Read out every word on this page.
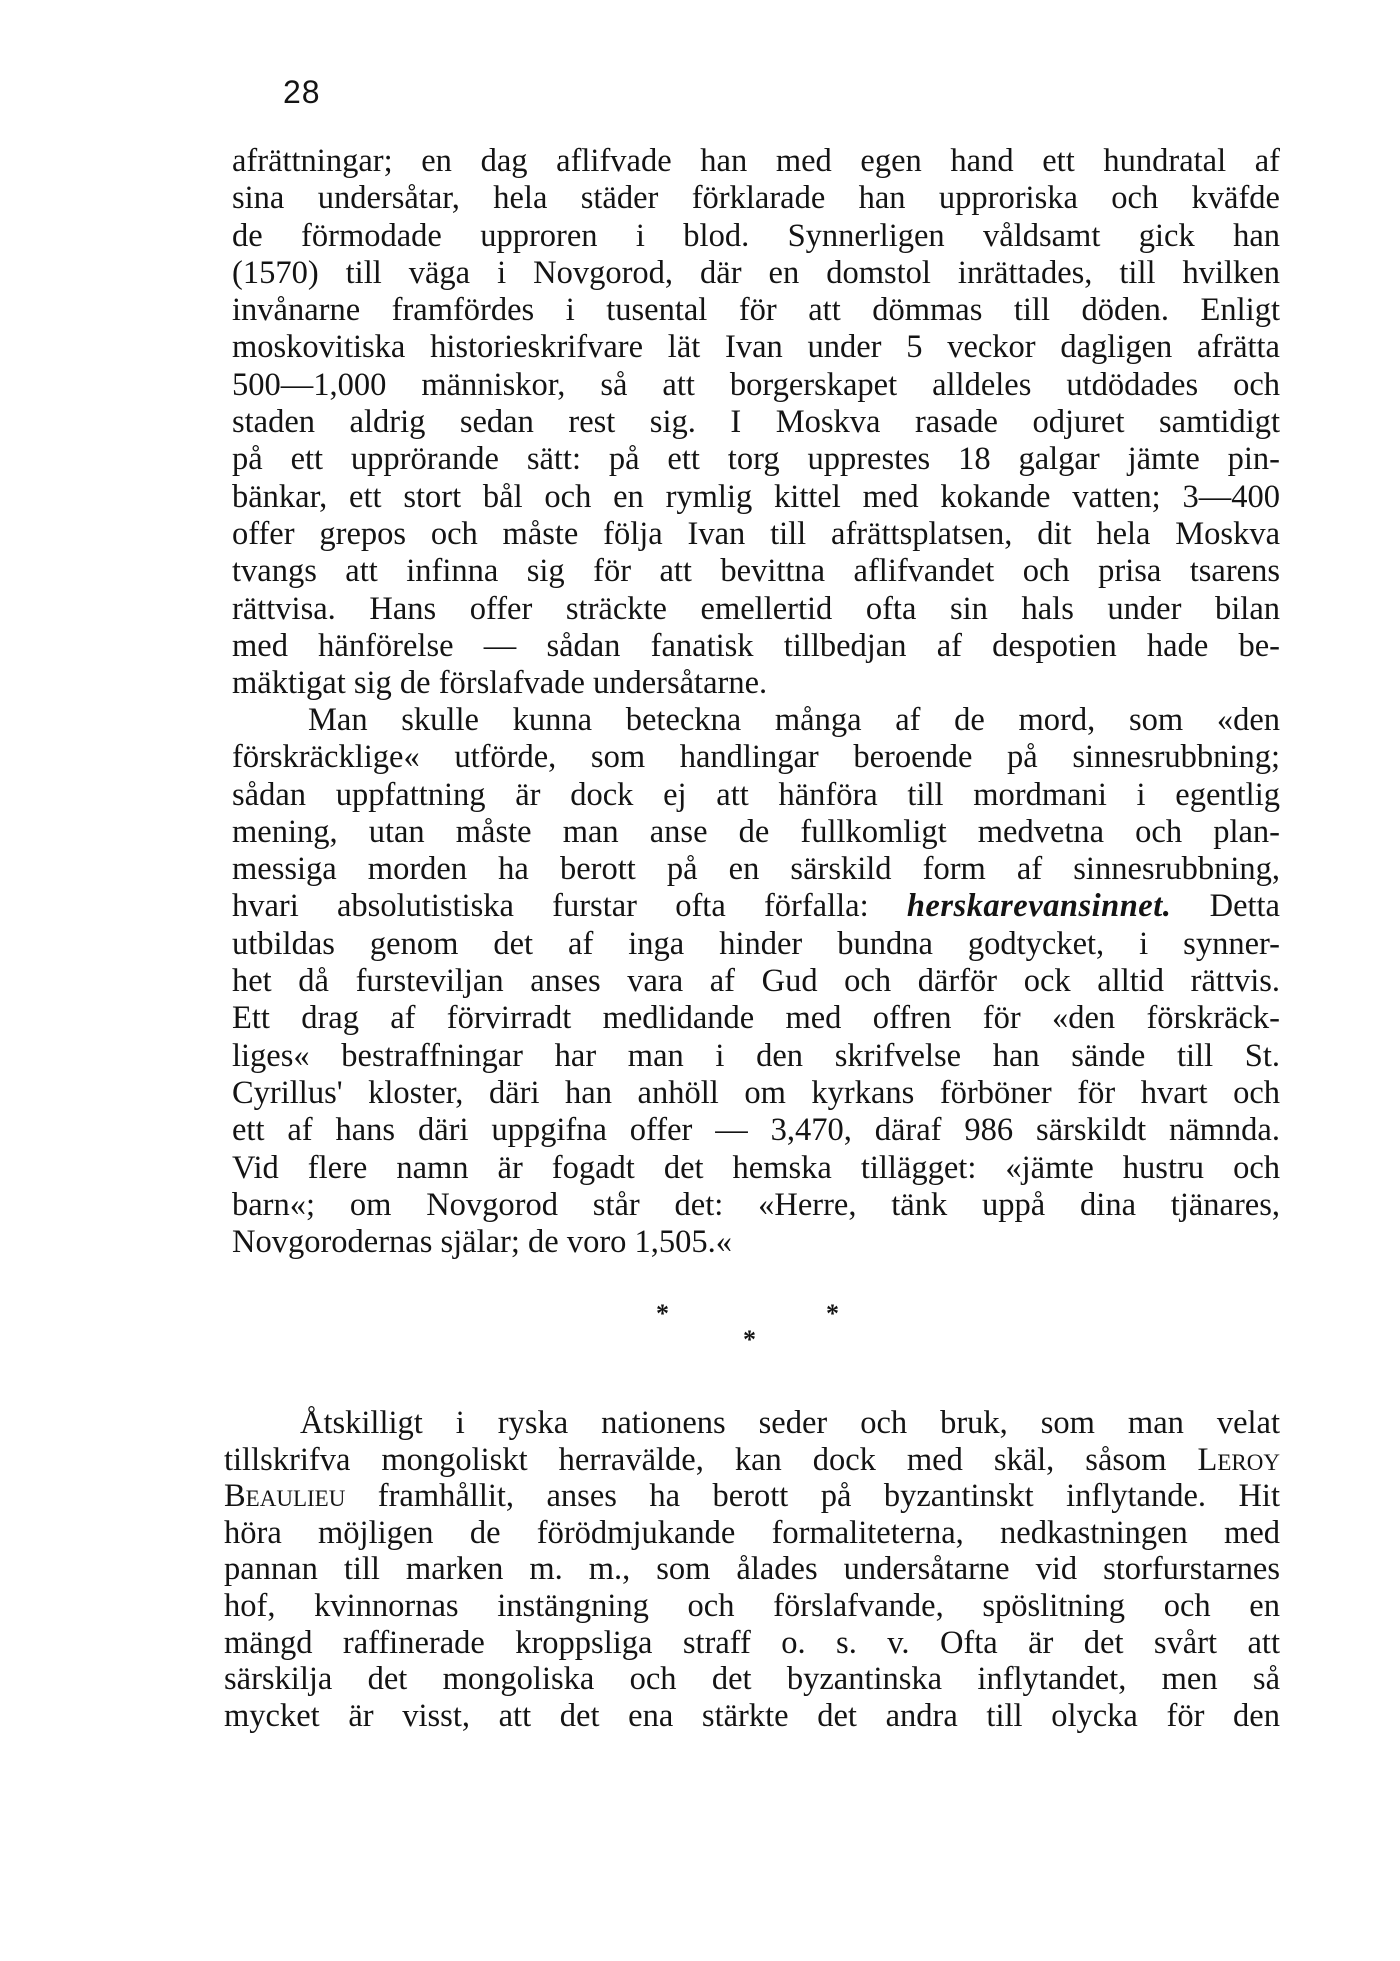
28
afrättningar; en dag aflifvade han med egen hand ett hundratal af
sina undersåtar, hela städer förklarade han upproriska och kväfde
de förmodade upproren i blod. Synnerligen våldsamt gick han
(1570) till väga i Novgorod, där en domstol inrättades, till hvilken
invånarne framfördes i tusental för att dömmas till döden. Enligt
moskovitiska historieskrifvare lät Ivan under 5 veckor dagligen afrätta
500—1,000 människor, så att borgerskapet alldeles utdödades och
staden aldrig sedan rest sig. I Moskva rasade odjuret samtidigt
på ett upprörande sätt: på ett torg upprestes 18 galgar jämte pin-
bänkar, ett stort bål och en rymlig kittel med kokande vatten; 3—400
offer grepos och måste följa Ivan till afrättsplatsen, dit hela Moskva
tvangs att infinna sig för att bevittna aflifvandet och prisa tsarens
rättvisa. Hans offer sträckte emellertid ofta sin hals under bilan
med hänförelse — sådan fanatisk tillbedjan af despotien hade be-
mäktigat sig de förslafvade undersåtarne.
Man skulle kunna beteckna många af de mord, som «den
förskräcklige« utförde, som handlingar beroende på sinnesrubbning;
sådan uppfattning är dock ej att hänföra till mordmani i egentlig
mening, utan måste man anse de fullkomligt medvetna och plan-
messiga morden ha berott på en särskild form af sinnesrubbning,
hvari absolutistiska furstar ofta förfalla: herskarevansinnet. Detta
utbildas genom det af inga hinder bundna godtycket, i synner-
het då fursteviljan anses vara af Gud och därför ock alltid rättvis.
Ett drag af förvirradt medlidande med offren för «den förskräck-
liges« bestraffningar har man i den skrifvelse han sände till St.
Cyrillus' kloster, däri han anhöll om kyrkans förböner för hvart och
ett af hans däri uppgifna offer — 3,470, däraf 986 särskildt nämnda.
Vid flere namn är fogadt det hemska tillägget: «jämte hustru och
barn«; om Novgorod står det: «Herre, tänk uppå dina tjänares,
Novgorodernas själar; de voro 1,505.«
*	*
*
Åtskilligt i ryska nationens seder och bruk, som man velat
tillskrifva mongoliskt herravälde, kan dock med skäl, såsom Leroy
Beaulieu framhållit, anses ha berott på byzantinskt inflytande. Hit
höra möjligen de förödmjukande formaliteterna, nedkastningen med
pannan till marken m. m., som ålades undersåtarne vid storfurstarnes
hof, kvinnornas instängning och förslafvande, spöslitning och en
mängd raffinerade kroppsliga straff o. s. v. Ofta är det svårt att
särskilja det mongoliska och det byzantinska inflytandet, men så
mycket är visst, att det ena stärkte det andra till olycka för den
